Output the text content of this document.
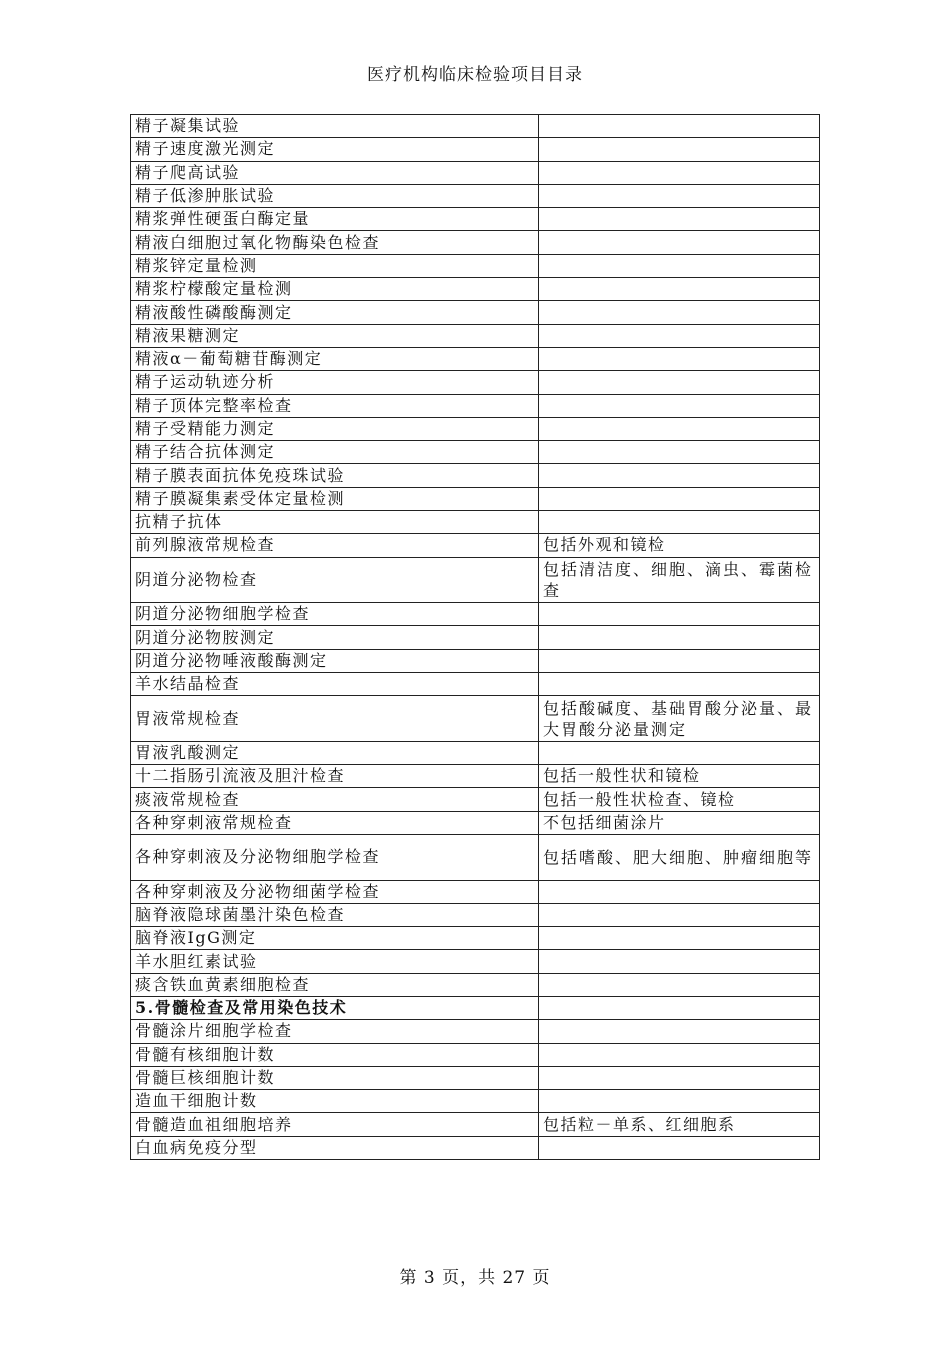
医疗机构临床检验项目目录
精子凝集试验	
精子速度激光测定	
精子爬高试验	
精子低渗肿胀试验	
精浆弹性硬蛋白酶定量	
精液白细胞过氧化物酶染色检查	
精浆锌定量检测	
精浆柠檬酸定量检测	
精液酸性磷酸酶测定	
精液果糖测定	
精液α－葡萄糖苷酶测定	
精子运动轨迹分析	
精子顶体完整率检查	
精子受精能力测定	
精子结合抗体测定	
精子膜表面抗体免疫珠试验	
精子膜凝集素受体定量检测	
抗精子抗体	
前列腺液常规检查	包括外观和镜检
阴道分泌物检查	包括清洁度、细胞、滴虫、霉菌检查
阴道分泌物细胞学检查	
阴道分泌物胺测定	
阴道分泌物唾液酸酶测定	
羊水结晶检查	
胃液常规检查	包括酸碱度、基础胃酸分泌量、最大胃酸分泌量测定
胃液乳酸测定	
十二指肠引流液及胆汁检查	包括一般性状和镜检
痰液常规检查	包括一般性状检查、镜检
各种穿刺液常规检查	不包括细菌涂片
各种穿刺液及分泌物细胞学检查	包括嗜酸、肥大细胞、肿瘤细胞等
各种穿刺液及分泌物细菌学检查	
脑脊液隐球菌墨汁染色检查	
脑脊液IgG测定	
羊水胆红素试验	
痰含铁血黄素细胞检查	
5.骨髓检查及常用染色技术	
骨髓涂片细胞学检查	
骨髓有核细胞计数	
骨髓巨核细胞计数	
造血干细胞计数	
骨髓造血祖细胞培养	包括粒－单系、红细胞系
白血病免疫分型	
第 3 页，共 27 页
